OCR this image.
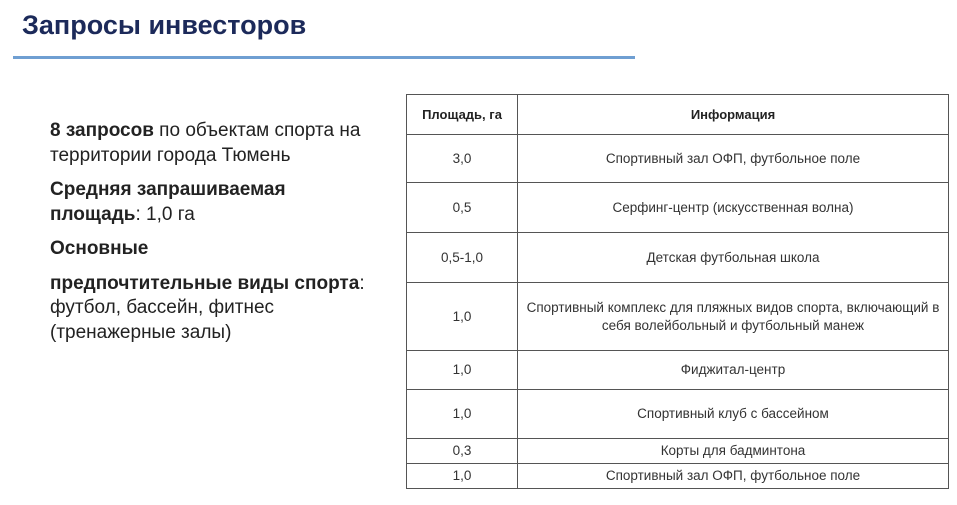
Запросы инвесторов

8 запросов по объектам спорта на территории города Тюмень

Средняя запрашиваемая площадь: 1,0 га

Основные

предпочтительные виды спорта: футбол, бассейн, фитнес (тренажерные залы)

Площадь, га	Информация
3,0	Спортивный зал ОФП, футбольное поле
0,5	Серфинг-центр (искусственная волна)
0,5-1,0	Детская футбольная школа
1,0	Спортивный комплекс для пляжных видов спорта, включающий в себя волейбольный и футбольный манеж
1,0	Фиджитал-центр
1,0	Спортивный клуб с бассейном
0,3	Корты для бадминтона
1,0	Спортивный зал ОФП, футбольное поле
